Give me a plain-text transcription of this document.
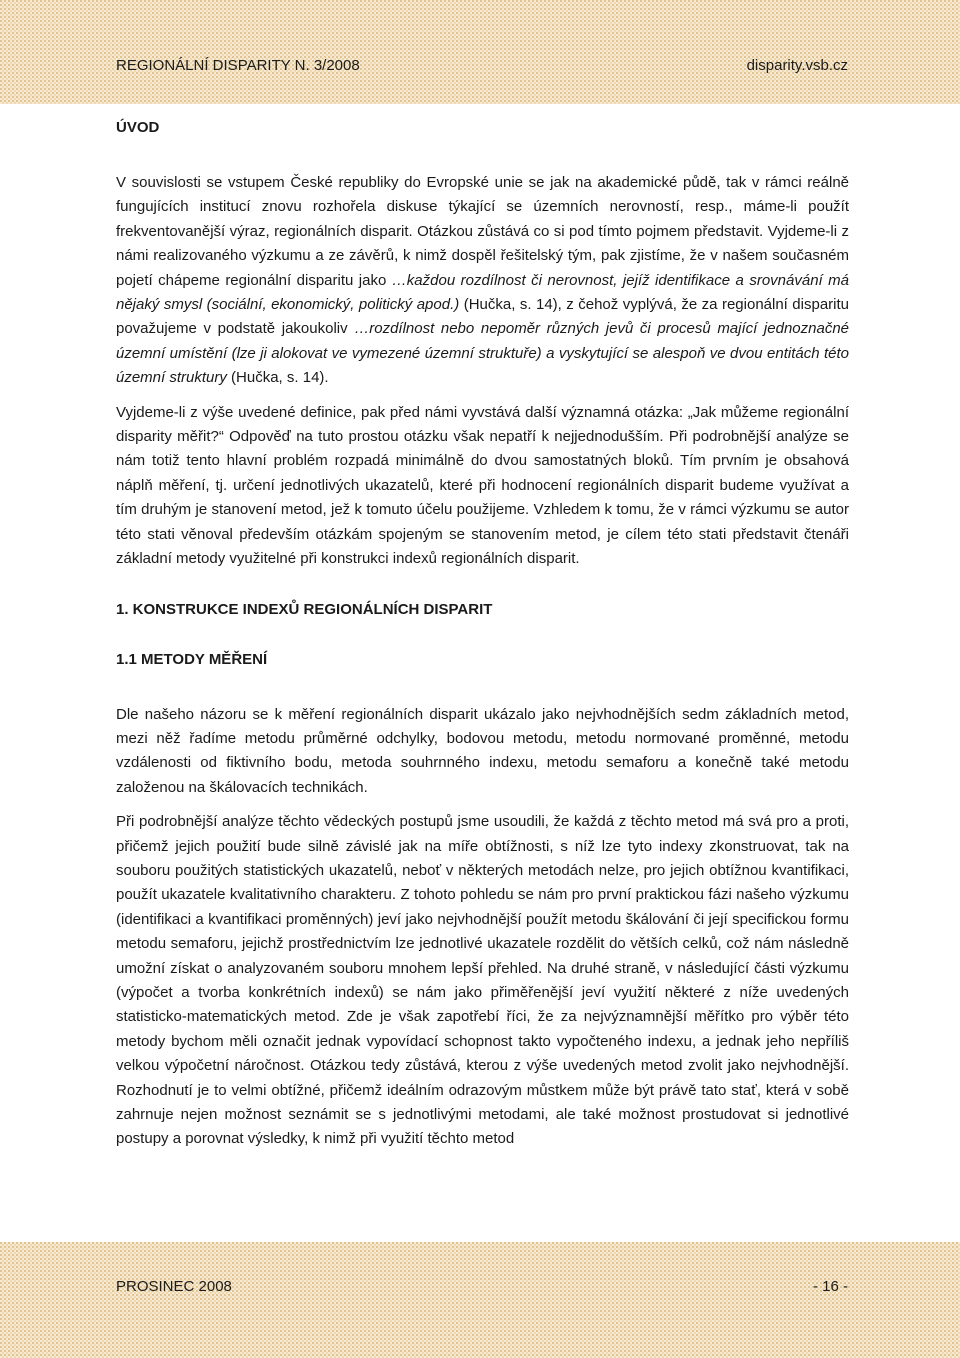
REGIONÁLNÍ DISPARITY N. 3/2008	disparity.vsb.cz
ÚVOD

V souvislosti se vstupem České republiky do Evropské unie se jak na akademické půdě, tak v rámci reálně fungujících institucí znovu rozhořela diskuse týkající se územních nerovností, resp., máme-li použít frekventovanější výraz, regionálních disparit. Otázkou zůstává co si pod tímto pojmem představit. Vyjdeme-li z námi realizovaného výzkumu a ze závěrů, k nimž dospěl řešitelský tým, pak zjistíme, že v našem současném pojetí chápeme regionální disparitu jako …každou rozdílnost či nerovnost, jejíž identifikace a srovnávání má nějaký smysl (sociální, ekonomický, politický apod.) (Hučka, s. 14), z čehož vyplývá, že za regionální disparitu považujeme v podstatě jakoukoliv …rozdílnost nebo nepoměr různých jevů či procesů mající jednoznačné územní umístění (lze ji alokovat ve vymezené územní struktuře) a vyskytující se alespoň ve dvou entitách této územní struktury (Hučka, s. 14).

Vyjdeme-li z výše uvedené definice, pak před námi vyvstává další významná otázka: „Jak můžeme regionální disparity měřit?“ Odpověď na tuto prostou otázku však nepatří k nejjednodušším. Při podrobnější analýze se nám totiž tento hlavní problém rozpadá minimálně do dvou samostatných bloků. Tím prvním je obsahová náplň měření, tj. určení jednotlivých ukazatelů, které při hodnocení regionálních disparit budeme využívat a tím druhým je stanovení metod, jež k tomuto účelu použijeme. Vzhledem k tomu, že v rámci výzkumu se autor této stati věnoval především otázkám spojeným se stanovením metod, je cílem této stati představit čtenáři základní metody využitelné při konstrukci indexů regionálních disparit.

1. KONSTRUKCE INDEXŮ REGIONÁLNÍCH DISPARIT
1.1 METODY MĚŘENÍ

Dle našeho názoru se k měření regionálních disparit ukázalo jako nejvhodnějších sedm základních metod, mezi něž řadíme metodu průměrné odchylky, bodovou metodu, metodu normované proměnné, metodu vzdálenosti od fiktivního bodu, metoda souhrnného indexu, metodu semaforu a konečně také metodu založenou na škálovacích technikách.

Při podrobnější analýze těchto vědeckých postupů jsme usoudili, že každá z těchto metod má svá pro a proti, přičemž jejich použití bude silně závislé jak na míře obtížnosti, s níž lze tyto indexy zkonstruovat, tak na souboru použitých statistických ukazatelů, neboť v některých metodách nelze, pro jejich obtížnou kvantifikaci, použít ukazatele kvalitativního charakteru. Z tohoto pohledu se nám pro první praktickou fázi našeho výzkumu (identifikaci a kvantifikaci proměnných) jeví jako nejvhodnější použít metodu škálování či její specifickou formu metodu semaforu, jejichž prostřednictvím lze jednotlivé ukazatele rozdělit do větších celků, což nám následně umožní získat o analyzovaném souboru mnohem lepší přehled. Na druhé straně, v následující části výzkumu (výpočet a tvorba konkrétních indexů) se nám jako přiměřenější jeví využití některé z níže uvedených statisticko-matematických metod. Zde je však zapotřebí říci, že za nejvýznamnější měřítko pro výběr této metody bychom měli označit jednak vypovídací schopnost takto vypočteného indexu, a jednak jeho nepříliš velkou výpočetní náročnost. Otázkou tedy zůstává, kterou z výše uvedených metod zvolit jako nejvhodnější. Rozhodnutí je to velmi obtížné, přičemž ideálním odrazovým můstkem může být právě tato stať, která v sobě zahrnuje nejen možnost seznámit se s jednotlivými metodami, ale také možnost prostudovat si jednotlivé postupy a porovnat výsledky, k nimž při využití těchto metod

PROSINEC 2008	- 16 -
